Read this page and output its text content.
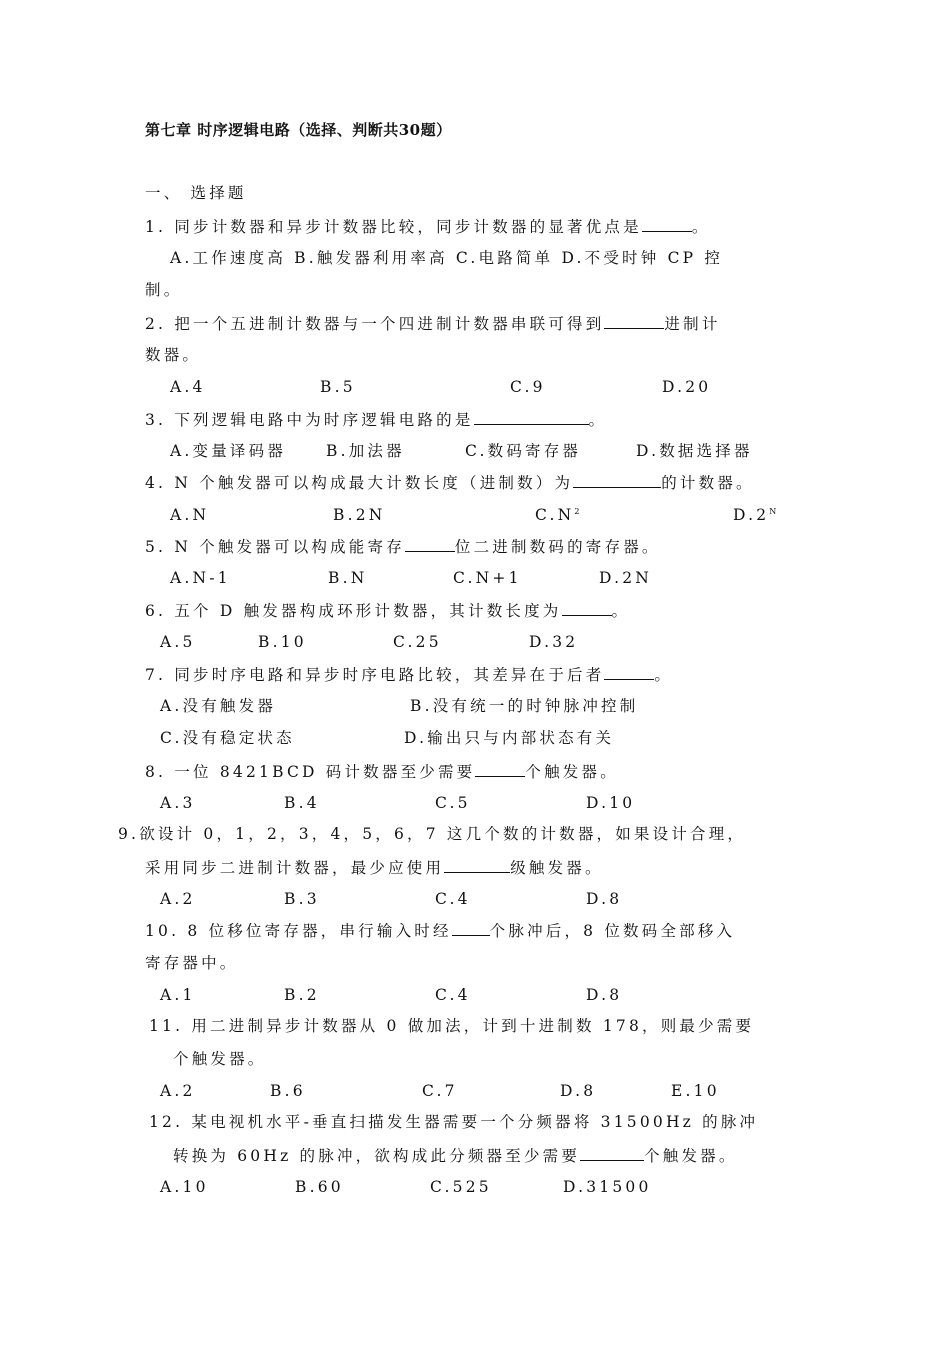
第七章 时序逻辑电路（选择、判断共30题）
一、 选择题
1. 同步计数器和异步计数器比较，同步计数器的显著优点是	。
A.工作速度高 B.触发器利用率高 C.电路简单 D.不受时钟 CP 控
制。
2. 把一个五进制计数器与一个四进制计数器串联可得到	进制计
数器。
A.4	B.5	C.9	D.20
3. 下列逻辑电路中为时序逻辑电路的是	。
A.变量译码器	B.加法器	C.数码寄存器	D.数据选择器
4. N 个触发器可以构成最大计数长度（进制数）为	的计数器。
A.N	B.2N	$C.N^2$	$D.2^N$
5. N 个触发器可以构成能寄存	位二进制数码的寄存器。
A.N-1	B.N	C.N+1	D.2N
6. 五个 D 触发器构成环形计数器，其计数长度为	。
A.5	B.10	C.25	D.32
7. 同步时序电路和异步时序电路比较，其差异在于后者	。
A.没有触发器	B.没有统一的时钟脉冲控制
C.没有稳定状态	D.输出只与内部状态有关
8. 一位 8421BCD 码计数器至少需要	个触发器。
A.3	B.4	C.5	D.10
9.欲设计 0，1，2，3，4，5，6，7 这几个数的计数器，如果设计合理，
采用同步二进制计数器，最少应使用	级触发器。
A.2	B.3	C.4	D.8
10. 8 位移位寄存器，串行输入时经 个脉冲后，8 位数码全部移入
寄存器中。
A.1	B.2	C.4	D.8
11. 用二进制异步计数器从 0 做加法，计到十进制数 178，则最少需要
个触发器。
A.2	B.6	C.7	D.8	E.10
12. 某电视机水平-垂直扫描发生器需要一个分频器将 31500Hz 的脉冲
转换为 60Hz 的脉冲，欲构成此分频器至少需要	个触发器。
A.10	B.60	C.525	D.31500
